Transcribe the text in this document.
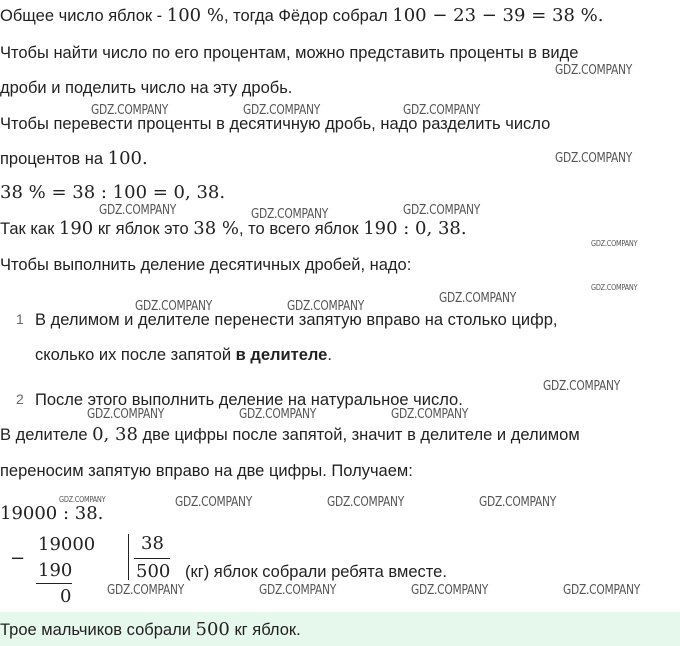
Общее число яблок - 100 %, тогда Фёдор собрал 100 − 23 − 39 = 38 %.
Чтобы найти число по его процентам, можно представить проценты в виде
дроби и поделить число на эту дробь.
Чтобы перевести проценты в десятичную дробь, надо разделить число
процентов на 100.
38 % = 38 : 100 = 0, 38.
Так как 190 кг яблок это 38 %, то всего яблок 190 : 0, 38.
Чтобы выполнить деление десятичных дробей, надо:
1 В делимом и делителе перенести запятую вправо на столько цифр,
сколько их после запятой в делителе.
2 После этого выполнить деление на натуральное число.
В делителе 0, 38 две цифры после запятой, значит в делителе и делимом
переносим запятую вправо на две цифры. Получаем:
19000 : 38.
−
19000
190
0
38
500 (кг) яблок собрали ребята вместе.
Трое мальчиков собрали 500 кг яблок.
GDZ.COMPANY
GDZ.COMPANY	GDZ.COMPANY	GDZ.COMPANY
GDZ.COMPANY
GDZ.COMPANY	GDZ.COMPANY	GDZ.COMPANY
GDZ.COMPANY
GDZ.COMPANY
GDZ.COMPANY
GDZ.COMPANY	GDZ.COMPANY
GDZ.COMPANY
GDZ.COMPANY	GDZ.COMPANY	GDZ.COMPANY
GDZ.COMPANY	GDZ.COMPANY	GDZ.COMPANY	GDZ.COMPANY
GDZ.COMPANY	GDZ.COMPANY	GDZ.COMPANY	GDZ.COMPANY
